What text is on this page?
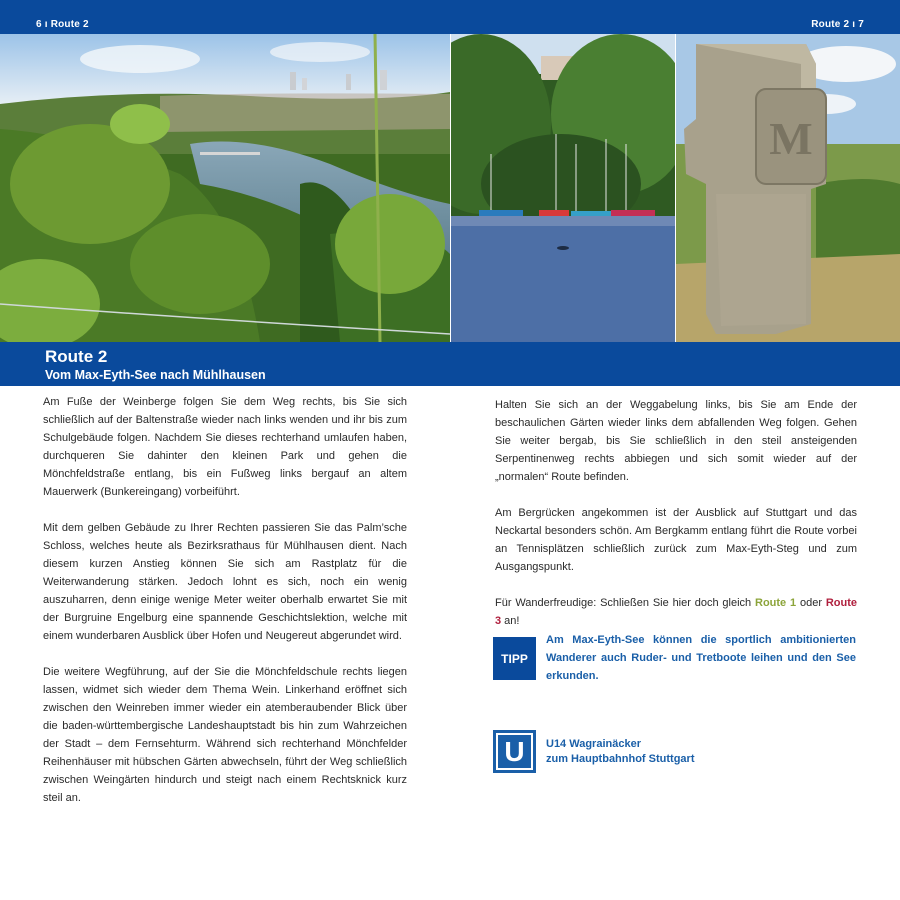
6 ı Route 2	Route 2 ı 7
M
Route 2
Vom Max-Eyth-See nach Mühlhausen

Am Fuße der Weinberge folgen Sie dem Weg rechts, bis Sie sich schließlich auf der Baltenstraße wieder nach links wenden und ihr bis zum Schulgebäude folgen. Nachdem Sie dieses rechterhand umlaufen haben, durchqueren Sie dahinter den kleinen Park und gehen die Mönchfeldstraße entlang, bis ein Fußweg links bergauf an altem Mauerwerk (Bunkereingang) vorbeiführt.

Mit dem gelben Gebäude zu Ihrer Rechten passieren Sie das Palm’sche Schloss, welches heute als Bezirksrathaus für Mühlhausen dient. Nach diesem kurzen Anstieg können Sie sich am Rastplatz für die Weiterwanderung stärken. Jedoch lohnt es sich, noch ein wenig auszuharren, denn einige wenige Meter weiter oberhalb erwartet Sie mit der Burgruine Engelburg eine spannende Geschichtslektion, welche mit einem wunderbaren Ausblick über Hofen und Neugereut abgerundet wird.

Die weitere Wegführung, auf der Sie die Mönchfeldschule rechts liegen lassen, widmet sich wieder dem Thema Wein. Linkerhand eröffnet sich zwischen den Weinreben immer wieder ein atemberaubender Blick über die baden-württembergische Landeshauptstadt bis hin zum Wahrzeichen der Stadt – dem Fernsehturm. Während sich rechterhand Mönchfelder Reihenhäuser mit hübschen Gärten abwechseln, führt der Weg schließlich zwischen Weingärten hindurch und steigt nach einem Rechtsknick kurz steil an.

Halten Sie sich an der Weggabelung links, bis Sie am Ende der beschaulichen Gärten wieder links dem abfallenden Weg folgen. Gehen Sie weiter bergab, bis Sie schließlich in den steil ansteigenden Serpentinenweg rechts abbiegen und sich somit wieder auf der „normalen“ Route befinden.

Am Bergrücken angekommen ist der Ausblick auf Stuttgart und das Neckartal besonders schön. Am Bergkamm entlang führt die Route vorbei an Tennisplätzen schließlich zurück zum Max-Eyth-Steg und zum Ausgangspunkt.

Für Wanderfreudige: Schließen Sie hier doch gleich Route 1 oder Route 3 an!

TIPP
Am Max-Eyth-See können die sportlich ambitionierten Wanderer auch Ruder- und Tretboote leihen und den See erkunden.
U	U14 Wagrainäcker
zum Hauptbahnhof Stuttgart
